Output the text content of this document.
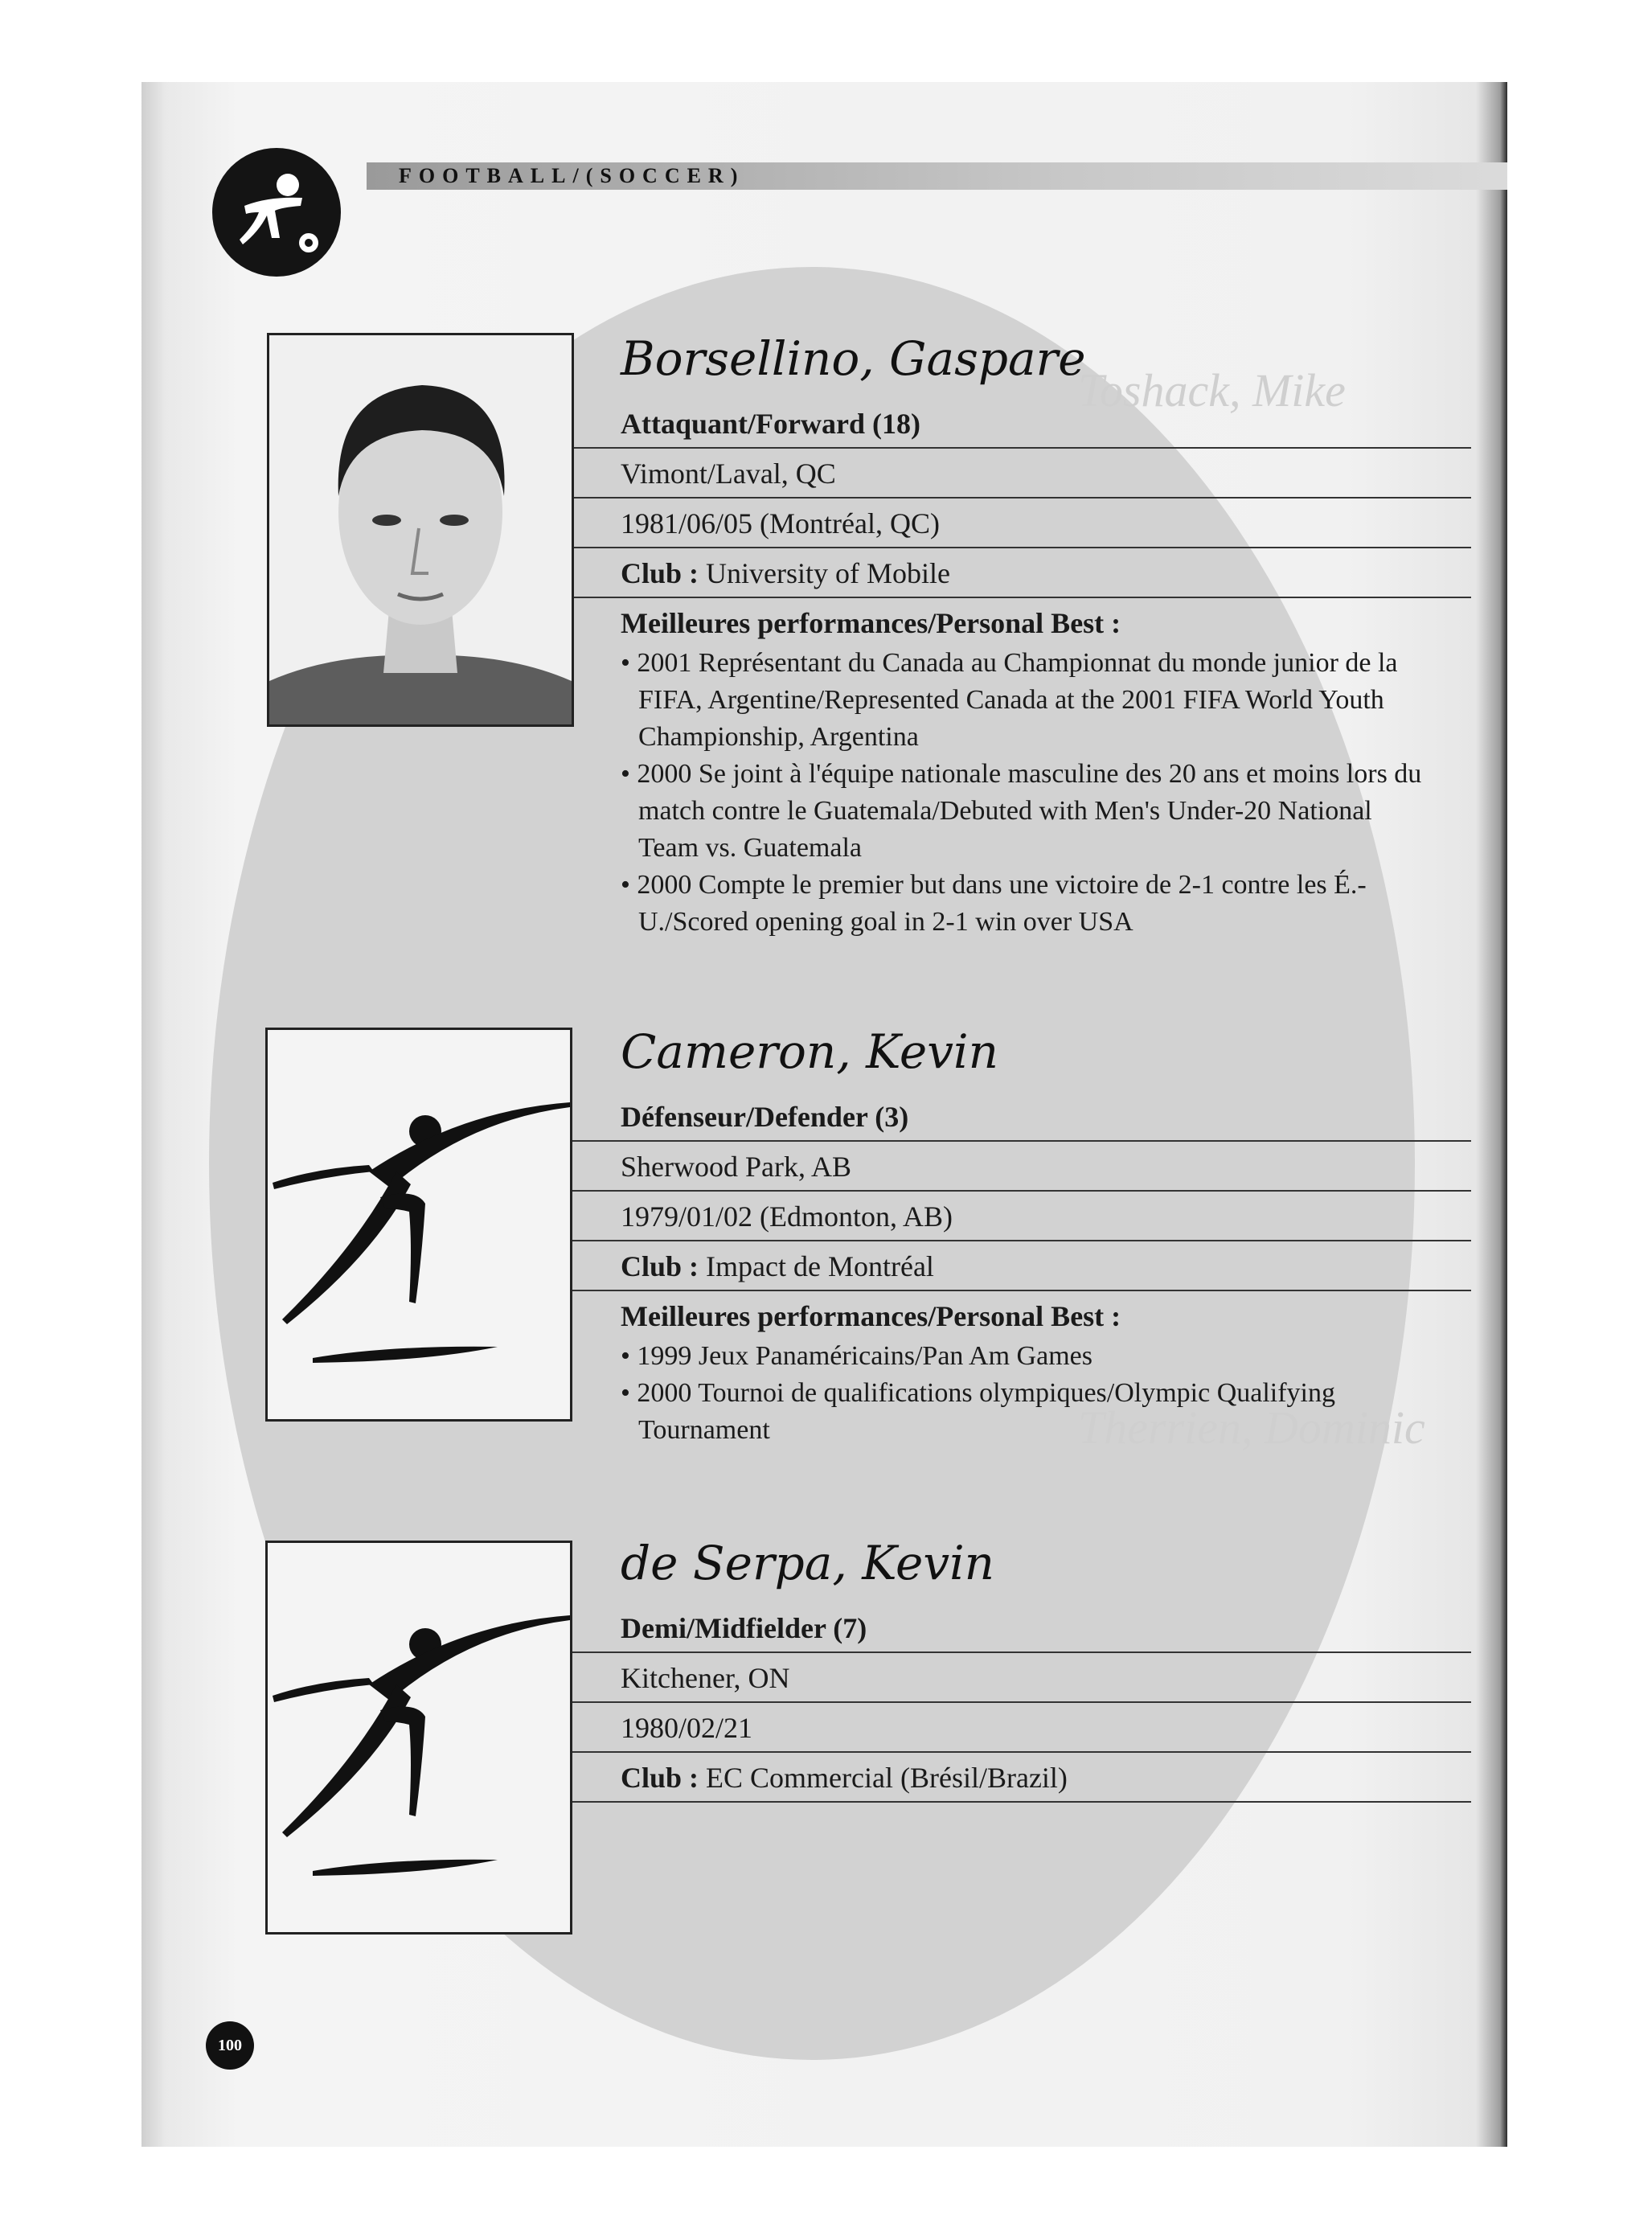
Toshack, Mike
Therrien, Dominic
FOOTBALL/(SOCCER)
Borsellino, Gaspare
Attaquant/Forward (18)
Vimont/Laval, QC
1981/06/05 (Montréal, QC)
Club : University of Mobile
Meilleures performances/Personal Best :
• 2001 Représentant du Canada au Championnat du monde junior de la FIFA, Argentine/Represented Canada at the 2001 FIFA World Youth Championship, Argentina
• 2000 Se joint à l'équipe nationale masculine des 20 ans et moins lors du match contre le Guatemala/Debuted with Men's Under-20 National Team vs. Guatemala
• 2000 Compte le premier but dans une victoire de 2-1 contre les É.-U./Scored opening goal in 2-1 win over USA
Cameron, Kevin
Défenseur/Defender (3)
Sherwood Park, AB
1979/01/02 (Edmonton, AB)
Club : Impact de Montréal
Meilleures performances/Personal Best :
• 1999 Jeux Panaméricains/Pan Am Games
• 2000 Tournoi de qualifications olympiques/Olympic Qualifying Tournament
de Serpa, Kevin
Demi/Midfielder (7)
Kitchener, ON
1980/02/21
Club : EC Commercial (Brésil/Brazil)
100
